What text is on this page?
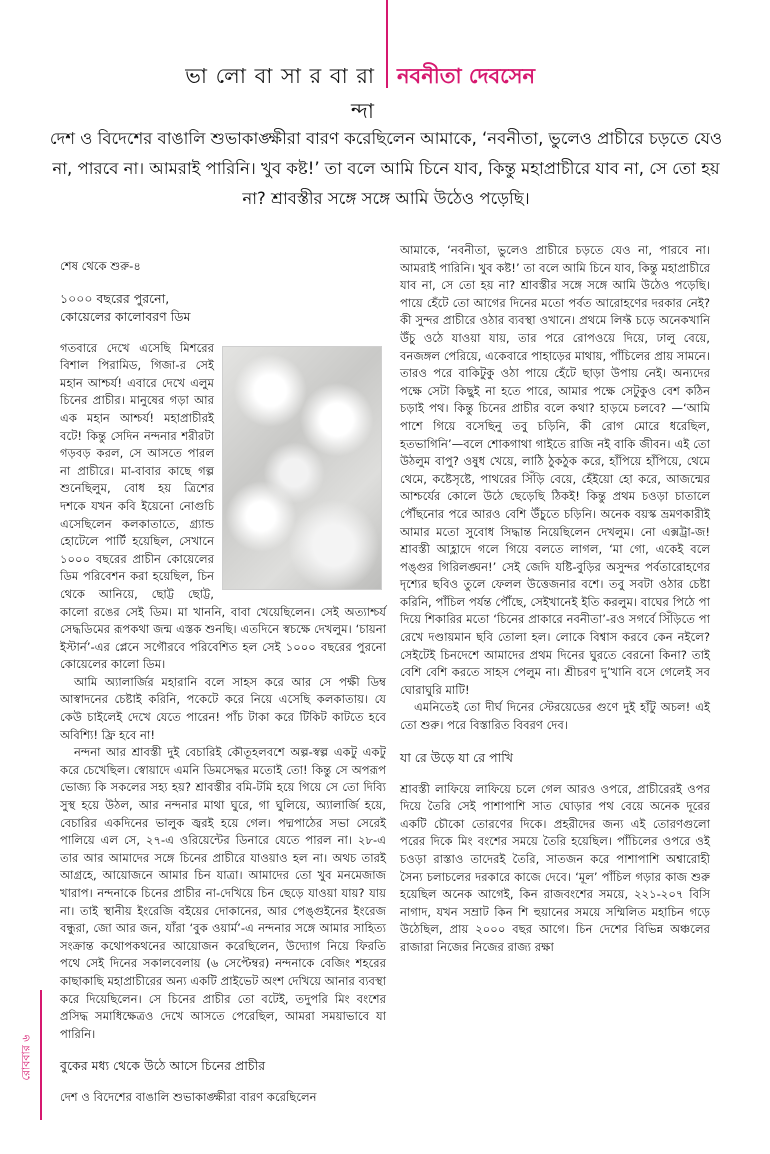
ভা লো বা সা র বা রা ন্দা
নবনীতা দেবসেন
দেশ ও বিদেশের বাঙালি শুভাকাঙ্ক্ষীরা বারণ করেছিলেন আমাকে, ‘নবনীতা, ভুলেও প্রাচীরে চড়তে যেও না, পারবে না। আমরাই পারিনি। খুব কষ্ট!’ তা বলে আমি চিনে যাব, কিন্তু মহাপ্রাচীরে যাব না, সে তো হয় না? শ্রাবস্তীর সঙ্গে সঙ্গে আমি উঠেও পড়েছি।

শেষ থেকে শুরু-৪

১০০০ বছরের পুরনো,

কোয়েলের কালোবরণ ডিম

গতবারে দেখে এসেছি মিশরের বিশাল পিরামিড, গিজা-র সেই মহান আশ্চর্য! এবারে দেখে এলুম চিনের প্রাচীর। মানুষের গড়া আর এক মহান আশ্চর্য! মহাপ্রাচীরই বটে! কিন্তু সেদিন নন্দনার শরীরটা গড়বড় করল, সে আসতে পারল না প্রাচীরে। মা-বাবার কাছে গল্প শুনেছিলুম, বোধ হয় ত্রিশের দশকে যখন কবি ইয়েনো নোগুচি এসেছিলেন কলকাতাতে, গ্র্যান্ড হোটেলে পার্টি হয়েছিল, সেখানে ১০০০ বছরের প্রাচীন কোয়েলের ডিম পরিবেশন করা হয়েছিল, চিন থেকে আনিয়ে, ছোট্ট ছোট্ট, কালো রঙের সেই ডিম। মা খাননি, বাবা খেয়েছিলেন। সেই অত্যাশ্চর্য সেদ্ধডিমের রূপকথা জন্ম এস্তক শুনছি। এতদিনে স্বচক্ষে দেখলুম। ‘চায়না ইস্টার্ন’-এর প্লেনে সগৌরবে পরিবেশিত হল সেই ১০০০ বছরের পুরনো কোয়েলের কালো ডিম।

আমি অ্যালার্জির মহারানি বলে সাহস করে আর সে পক্ষী ডিম্ব আস্বাদনের চেষ্টাই করিনি, পকেটে করে নিয়ে এসেছি কলকাতায়। যে কেউ চাইলেই দেখে যেতে পারেন! পাঁচ টাকা করে টিকিট কাটতে হবে অবিশ্যি! ফ্রি হবে না!

নন্দনা আর শ্রাবস্তী দুই বেচারিই কৌতূহলবশে অল্প-স্বল্প একটু একটু করে চেখেছিল। স্বোয়াদে এমনি ডিমসেদ্ধর মতোই তো! কিন্তু সে অপরূপ ভোজ্য কি সকলের সহ্য হয়? শ্রাবস্তীর বমি-টমি হয়ে গিয়ে সে তো দিব্যি সুস্থ হয়ে উঠল, আর নন্দনার মাথা ঘুরে, গা ঘুলিয়ে, অ্যালার্জি হয়ে, বেচারির একদিনের ভালুক জ্বরই হয়ে গেল। পদ্মপাঠের সভা সেরেই পালিয়ে এল সে, ২৭-এ ওরিয়েন্টের ডিনারে যেতে পারল না। ২৮-এ তার আর আমাদের সঙ্গে চিনের প্রাচীরে যাওয়াও হল না। অথচ তারই আগ্রহে, আয়োজনে আমার চিন যাত্রা। আমাদের তো খুব মনমেজাজ খারাপ। নন্দনাকে চিনের প্রাচীর না-দেখিয়ে চিন ছেড়ে যাওয়া যায়? যায় না। তাই স্থানীয় ইংরেজি বইয়ের দোকানের, আর পেঙ্গুইনের ইংরেজ বন্ধুরা, জো আর জন, যাঁরা ‘বুক ওয়ার্ম’-এ নন্দনার সঙ্গে আমার সাহিত্য সংক্রান্ত কথোপকথনের আয়োজন করেছিলেন, উদ্যোগ নিয়ে ফিরতি পথে সেই দিনের সকালবেলায় (৬ সেপ্টেম্বর) নন্দনাকে বেজিং শহরের কাছাকাছি মহাপ্রাচীরের অন্য একটি প্রাইভেট অংশ দেখিয়ে আনার ব্যবস্থা করে দিয়েছিলেন। সে চিনের প্রাচীর তো বটেই, তদুপরি মিং বংশের প্রসিদ্ধ সমাধিক্ষেত্রও দেখে আসতে পেরেছিল, আমরা সময়াভাবে যা পারিনি।

বুকের মধ্য থেকে উঠে আসে চিনের প্রাচীর

দেশ ও বিদেশের বাঙালি শুভাকাঙ্ক্ষীরা বারণ করেছিলেন

আমাকে, ‘নবনীতা, ভুলেও প্রাচীরে চড়তে যেও না, পারবে না। আমরাই পারিনি। খুব কষ্ট!’ তা বলে আমি চিনে যাব, কিন্তু মহাপ্রাচীরে যাব না, সে তো হয় না? শ্রাবস্তীর সঙ্গে সঙ্গে আমি উঠেও পড়েছি। পায়ে হেঁটে তো আগের দিনের মতো পর্বত আরোহণের দরকার নেই? কী সুন্দর প্রাচীরে ওঠার ব্যবস্থা ওখানে। প্রথমে লিফ্ট চড়ে অনেকখানি উঁচু ওঠে যাওয়া যায়, তার পরে রোপওয়ে দিয়ে, ঢালু বেয়ে, বনজঙ্গল পেরিয়ে, একেবারে পাহাড়ের মাথায়, পাঁচিলের প্রায় সামনে। তারও পরে বাকিটুকু ওঠা পায়ে হেঁটে ছাড়া উপায় নেই। অন্যদের পক্ষে সেটা কিছুই না হতে পারে, আমার পক্ষে সেটুকুও বেশ কঠিন চড়াই পথ। কিন্তু চিনের প্রাচীর বলে কথা? হাড়মে চলবে? —‘আমি পাশে গিয়ে বসেছিনু তবু চড়িনি, কী রোগ মোরে ধরেছিল, হতভাগিনি’—বলে শোকগাথা গাইতে রাজি নই বাকি জীবন। এই তো উঠলুম বাপু? ওষুধ খেয়ে, লাঠি ঠুকঠুক করে, হাঁপিয়ে হাঁপিয়ে, থেমে থেমে, কষ্টেসৃষ্টে, পাথরের সিঁড়ি বেয়ে, হেঁইয়ো হো করে, আজন্মের আশ্চর্যের কোলে উঠে ছেড়েছি ঠিকই! কিন্তু প্রথম চওড়া চাতালে পৌঁছনোর পরে আরও বেশি উঁচুতে চড়িনি। অনেক বয়স্ক ভ্রমণকারীই আমার মতো সুবোধ সিদ্ধান্ত নিয়েছিলেন দেখলুম। নো এক্সট্রা-জ! শ্রাবস্তী আহ্লাদে গলে গিয়ে বলতে লাগল, ‘মা গো, একেই বলে পঙ্গুর গিরিলঙ্ঘন!’ সেই জেদি যষ্টি-বুড়ির অসুন্দর পর্বতারোহণের দৃশ্যের ছবিও তুলে ফেলল উত্তেজনার বশে। তবু সবটা ওঠার চেষ্টা করিনি, পাঁচিল পর্যন্ত পৌঁছে, সেইখানেই ইতি করলুম। বাঘের পিঠে পা দিয়ে শিকারির মতো ‘চিনের প্রাকারে নবনীতা’-রও সগর্বে সিঁড়িতে পা রেখে দণ্ডায়মান ছবি তোলা হল। লোকে বিশ্বাস করবে কেন নইলে? সেইটেই চিনদেশে আমাদের প্রথম দিনের ঘুরতে বেরনো কিনা? তাই বেশি বেশি করতে সাহস পেলুম না। শ্রীচরণ দু’খানি বসে গেলেই সব ঘোরাঘুরি মাটি!

এমনিতেই তো দীর্ঘ দিনের স্টেরয়েডের গুণে দুই হাঁটু অচল! এই তো শুরু। পরে বিস্তারিত বিবরণ দেব।

যা রে উড়ে যা রে পাখি

শ্রাবস্তী লাফিয়ে লাফিয়ে চলে গেল আরও ওপরে, প্রাচীরেরই ওপর দিয়ে তৈরি সেই পাশাপাশি সাত ঘোড়ার পথ বেয়ে অনেক দূরের একটি চৌকো তোরণের দিকে। প্রহরীদের জন্য এই তোরণগুলো পরের দিকে মিং বংশের সময়ে তৈরি হয়েছিল। পাঁচিলের ওপরে ওই চওড়া রাস্তাও তাদেরই তৈরি, সাতজন করে পাশাপাশি অশ্বারোহী সৈন্য চলাচলের দরকারে কাজে দেবে। ‘মূল’ পাঁচিল গড়ার কাজ শুরু হয়েছিল অনেক আগেই, কিন রাজবংশের সময়ে, ২২১-২০৭ বিসি নাগাদ, যখন সম্রাট কিন শি হুয়ানের সময়ে সম্মিলিত মহাচিন গড়ে উঠেছিল, প্রায় ২০০০ বছর আগে। চিন দেশের বিভিন্ন অঞ্চলের রাজারা নিজের নিজের রাজ্য রক্ষা

রোববার ৬
